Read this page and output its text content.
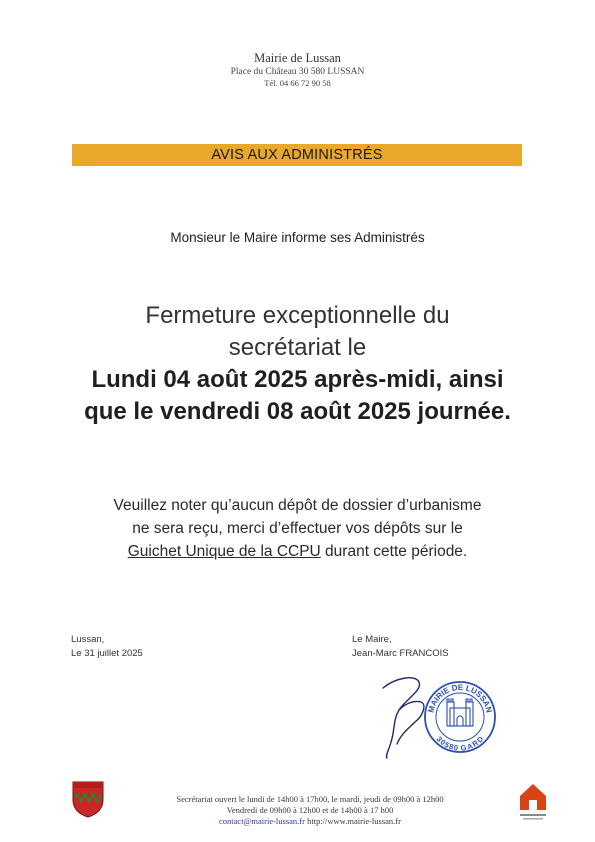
Mairie de Lussan
Place du Château 30 580 LUSSAN
Tél. 04 66 72 90 58
AVIS AUX ADMINISTRÉS
Monsieur le Maire informe ses Administrés
Fermeture exceptionnelle du
secrétariat le
Lundi 04 août 2025 après-midi, ainsi
que le vendredi 08 août 2025 journée.
Veuillez noter qu’aucun dépôt de dossier d’urbanisme
ne sera reçu, merci d’effectuer vos dépôts sur le
Guichet Unique de la CCPU durant cette période.
Lussan,
Le 31 juillet 2025
Le Maire,
Jean-Marc FRANCOIS
MAIRIE DE LUSSAN
30580 GARD
Secrétariat ouvert le lundi de 14h00 à 17h00, le mardi, jeudi de 09h00 à 12h00
Vendredi de 09h00 à 12h00 et de 14h00 à 17 h00
contact@mairie-lussan.fr http://www.mairie-lussan.fr
